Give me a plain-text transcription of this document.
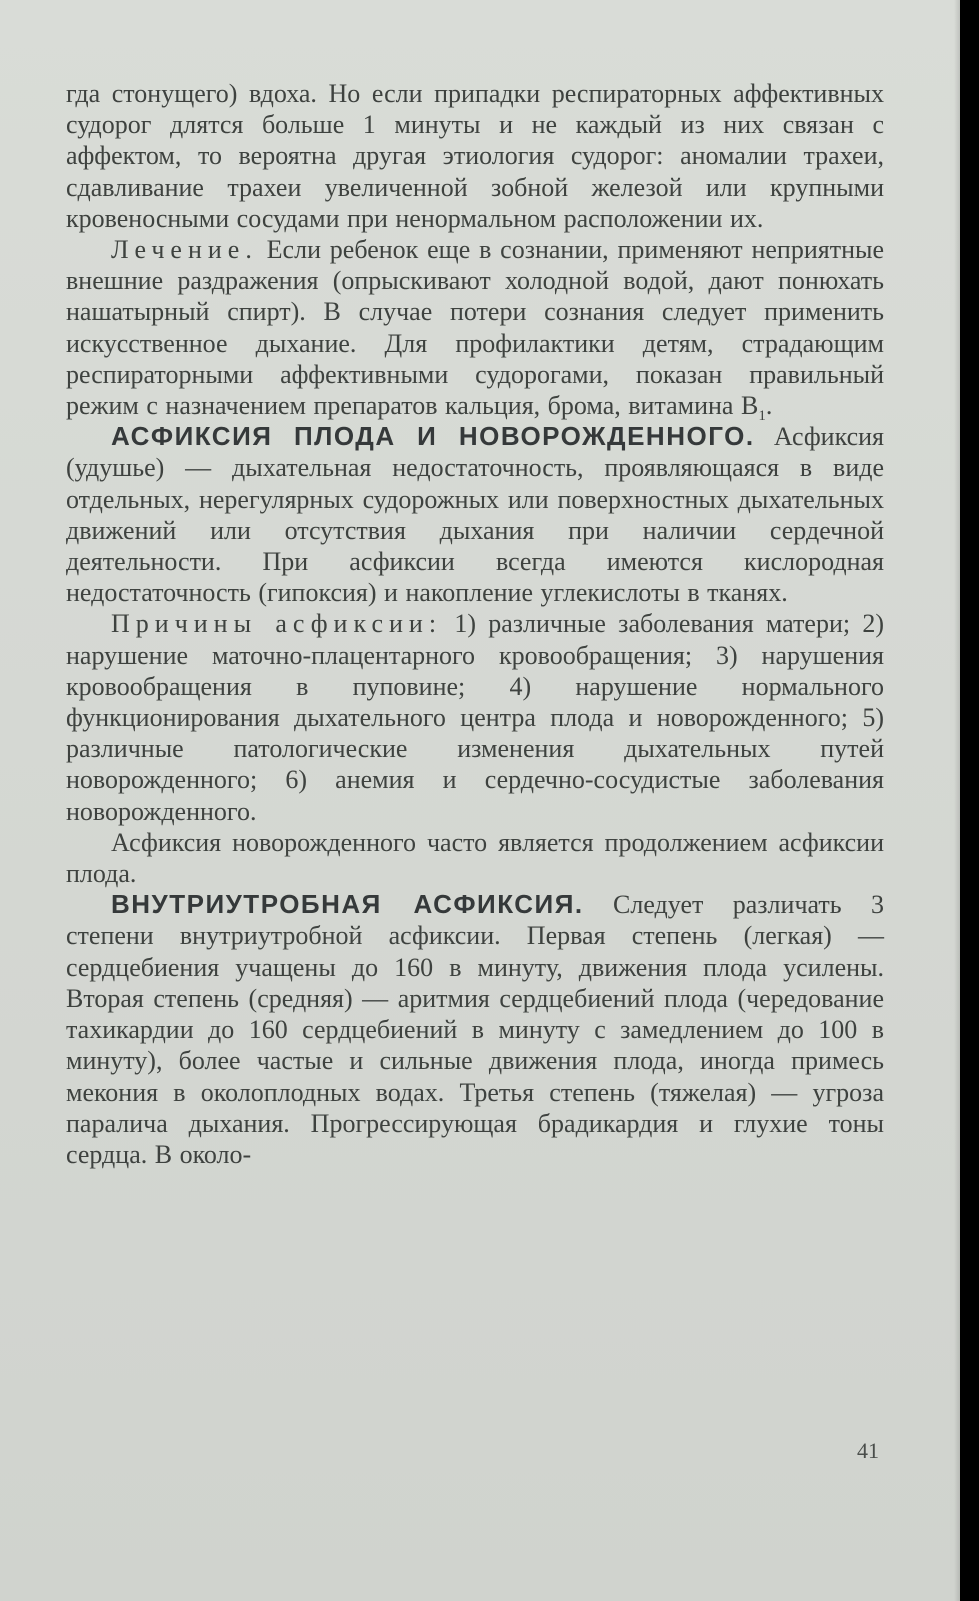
гда стонущего) вдоха. Но если припадки респираторных аффективных судорог длятся больше 1 минуты и не каждый из них связан с аффектом, то вероятна другая этиология судорог: аномалии трахеи, сдавливание трахеи увеличенной зобной железой или крупными кровеносными сосудами при ненормальном расположении их.

Лечение. Если ребенок еще в сознании, применяют неприятные внешние раздражения (опрыскивают холодной водой, дают понюхать нашатырный спирт). В случае потери сознания следует применить искусственное дыхание. Для профилактики детям, страдающим респираторными аффективными судорогами, показан правильный режим с назначением препаратов кальция, брома, витамина $B_1$.

АСФИКСИЯ ПЛОДА И НОВОРОЖДЕННОГО. Асфиксия (удушье) — дыхательная недостаточность, проявляющаяся в виде отдельных, нерегулярных судорожных или поверхностных дыхательных движений или отсутствия дыхания при наличии сердечной деятельности. При асфиксии всегда имеются кислородная недостаточность (гипоксия) и накопление углекислоты в тканях.

Причины асфиксии: 1) различные заболевания матери; 2) нарушение маточно-плацентарного кровообращения; 3) нарушения кровообращения в пуповине; 4) нарушение нормального функционирования дыхательного центра плода и новорожденного; 5) различные патологические изменения дыхательных путей новорожденного; 6) анемия и сердечно-сосудистые заболевания новорожденного.

Асфиксия новорожденного часто является продолжением асфиксии плода.

ВНУТРИУТРОБНАЯ АСФИКСИЯ. Следует различать 3 степени внутриутробной асфиксии. Первая степень (легкая) — сердцебиения учащены до 160 в минуту, движения плода усилены. Вторая степень (средняя) — аритмия сердцебиений плода (чередование тахикардии до 160 сердцебиений в минуту с замедлением до 100 в минуту), более частые и сильные движения плода, иногда примесь мекония в околоплодных водах. Третья степень (тяжелая) — угроза паралича дыхания. Прогрессирующая брадикардия и глухие тоны сердца. В около-

41
